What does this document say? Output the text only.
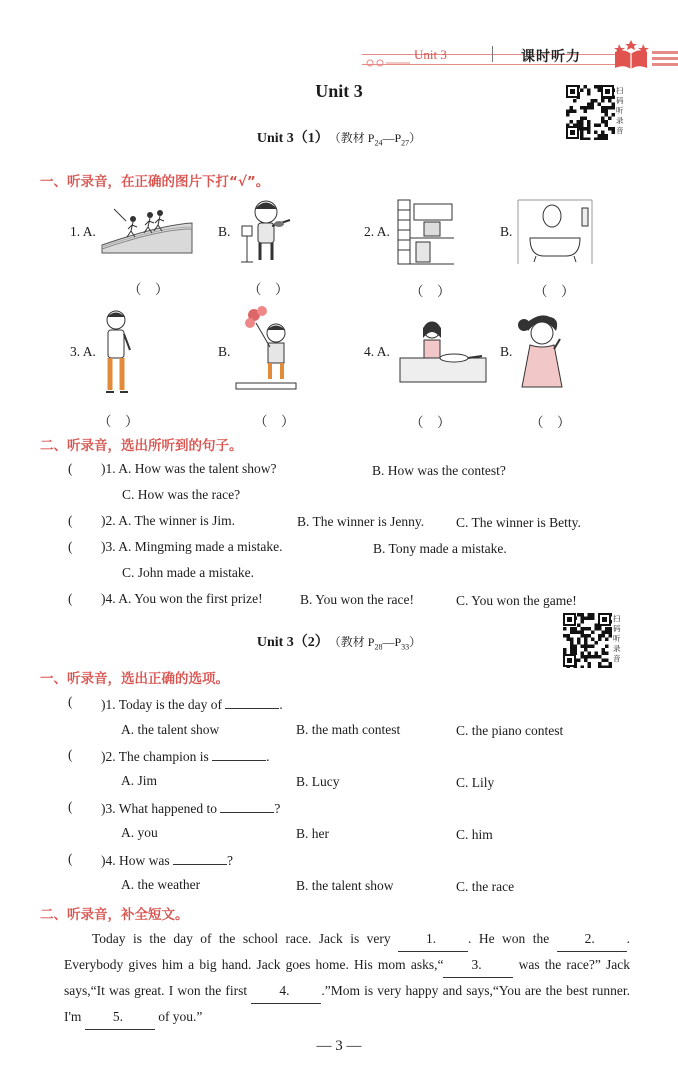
Unit 3	课时听力
Unit 3	扫码听录音
Unit 3（1） （教材 $P_{24}—P_{27}$）
一、听录音，在正确的图片下打“√”。
1. A.	B.	2. A.	B.
3. A.	B.	4. A.	B.
（　）	（　）	（　）	（　）
（　）	（　）	（　）	（　）
二、听录音，选出所听到的句子。
( )1. A. How was the talent show?	B. How was the contest?
C. How was the race?
( )2. A. The winner is Jim.	B. The winner is Jenny. C. The winner is Betty.
( )3. A. Mingming made a mistake.	B. Tony made a mistake.
C. John made a mistake.
( )4. A. You won the first prize!	B. You won the race!	C. You won the game!
扫码听录音
Unit 3（2） （教材 $P_{28}—P_{33}$）
一、听录音，选出正确的选项。
( )1. Today is the day of	.
A. the talent show	B. the math contest	C. the piano contest
( )2. The champion is	.
A. Jim	B. Lucy	C. Lily
( )3. What happened to	?
A. you	B. her	C. him
( )4. How was	?
A. the weather	B. the talent show	C. the race
二、听录音，补全短文。

Today is the day of the school race. Jack is very 1. . He won the 2. . Everybody gives him a big hand. Jack goes home. His mom asks,“ 3. was the race?” Jack says,“It was great. I won the first 4. .”Mom is very happy and says,“You are the best runner. I'm 5. of you.”

— 3 —
